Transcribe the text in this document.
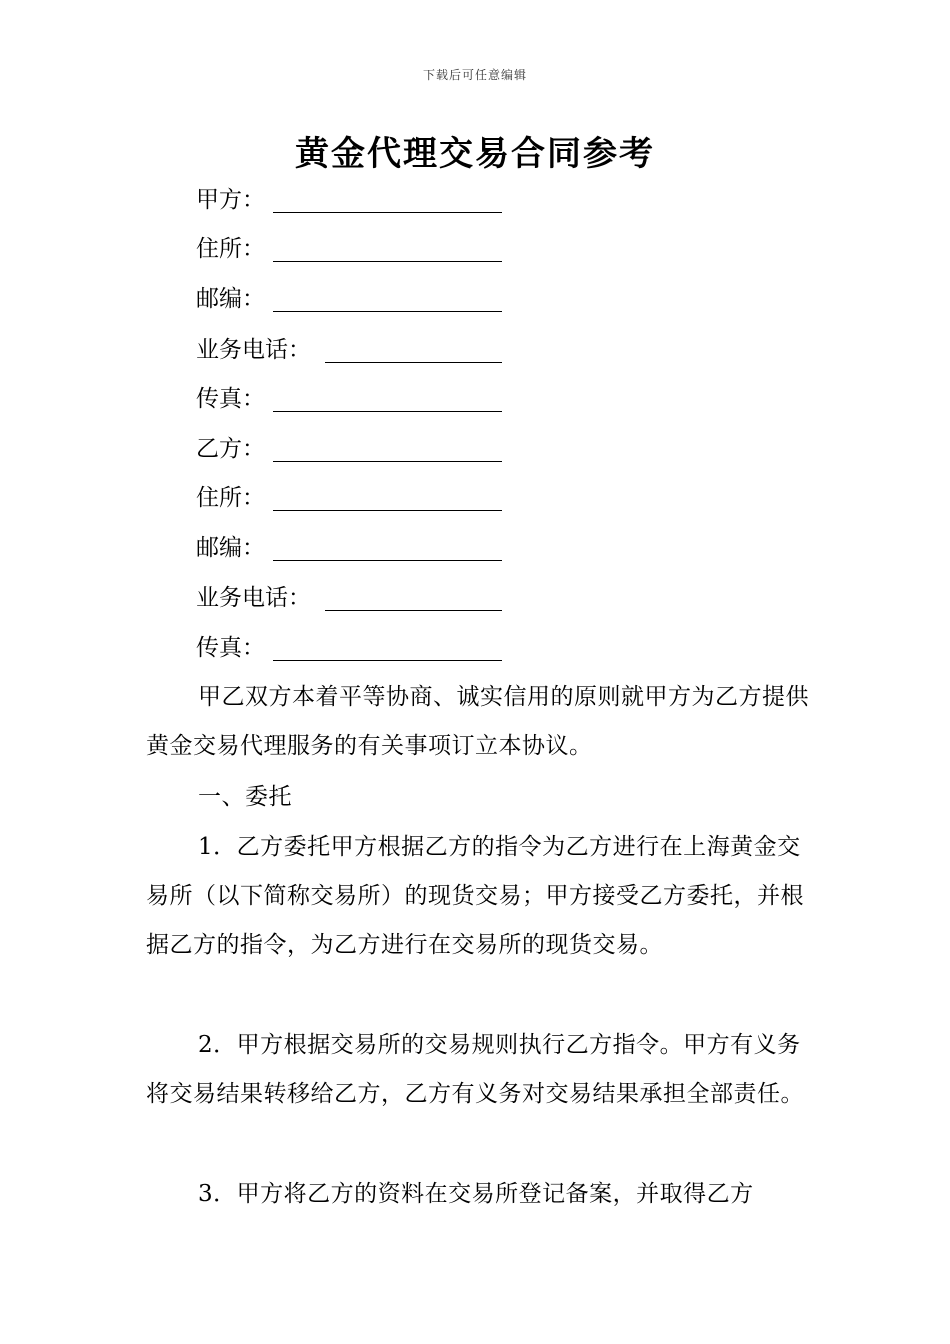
下载后可任意编辑
黄金代理交易合同参考
甲方：
住所：
邮编：
业务电话：
传真：
乙方：
住所：
邮编：
业务电话：
传真：

甲乙双方本着平等协商、诚实信用的原则就甲方为乙方提供黄金交易代理服务的有关事项订立本协议。

一、委托

1．乙方委托甲方根据乙方的指令为乙方进行在上海黄金交易所（以下简称交易所）的现货交易；甲方接受乙方委托，并根据乙方的指令，为乙方进行在交易所的现货交易。

2．甲方根据交易所的交易规则执行乙方指令。甲方有义务将交易结果转移给乙方，乙方有义务对交易结果承担全部责任。

3．甲方将乙方的资料在交易所登记备案，并取得乙方
